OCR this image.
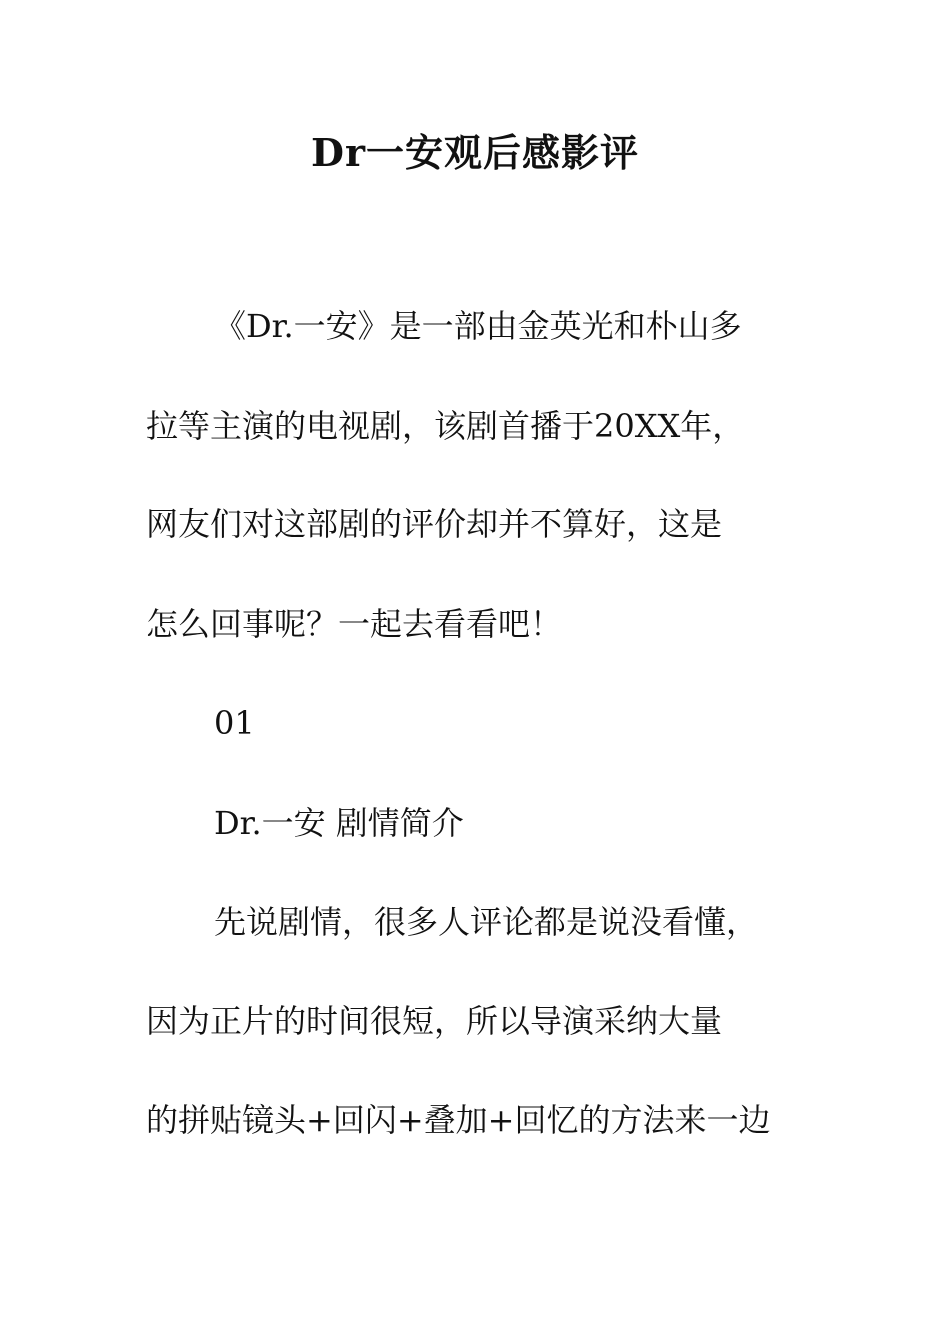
Dr一安观后感影评
《Dr.一安》是一部由金英光和朴山多
拉等主演的电视剧，该剧首播于20XX年，
网友们对这部剧的评价却并不算好，这是
怎么回事呢？一起去看看吧！
01
Dr.一安 剧情简介
先说剧情，很多人评论都是说没看懂，
因为正片的时间很短，所以导演采纳大量
的拼贴镜头+回闪+叠加+回忆的方法来一边
